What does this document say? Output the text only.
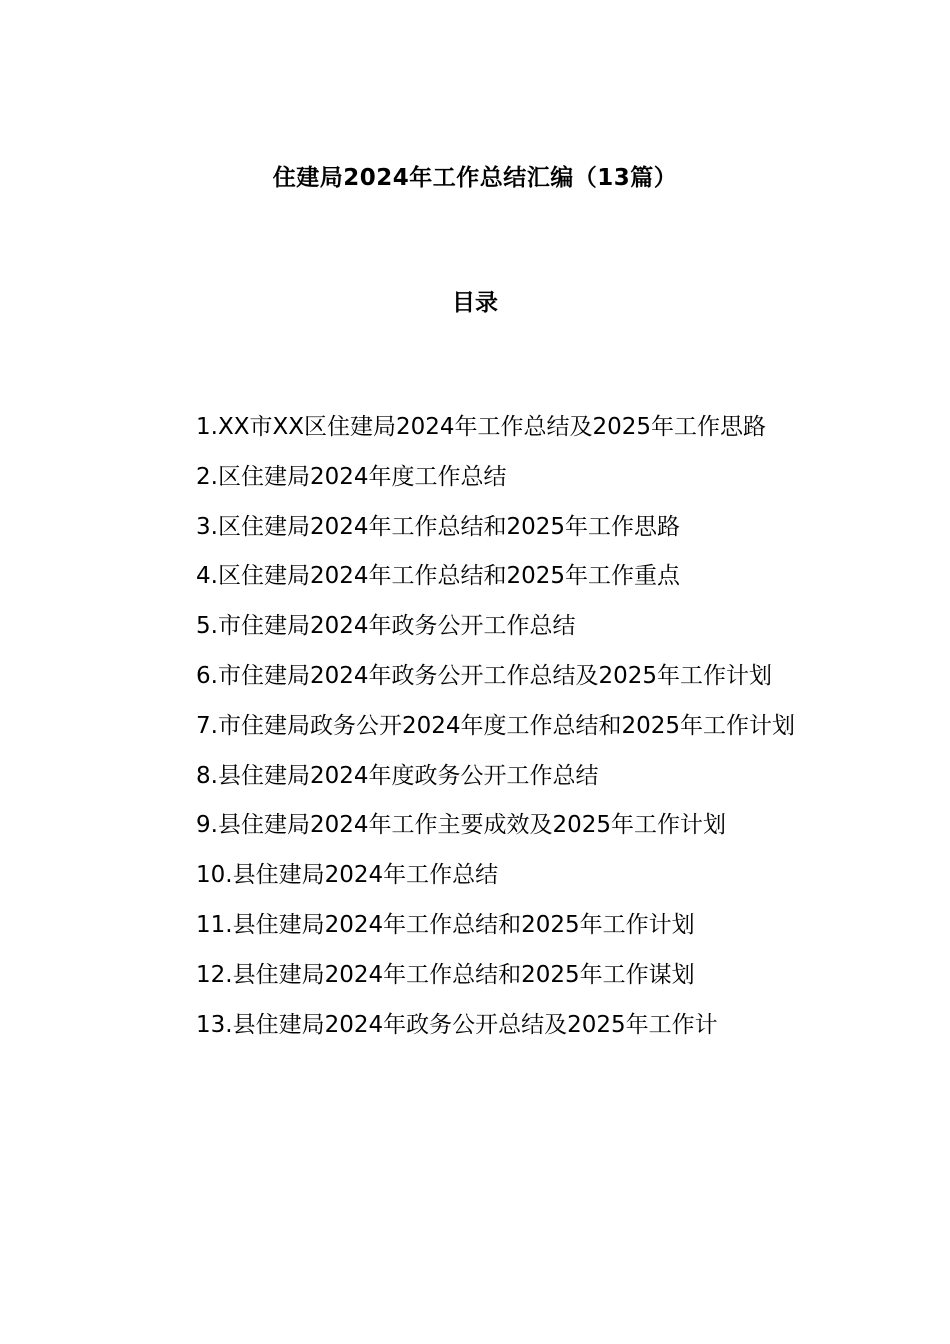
住建局2024年工作总结汇编（13篇）
目录
1.XX市XX区住建局2024年工作总结及2025年工作思路
2.区住建局2024年度工作总结
3.区住建局2024年工作总结和2025年工作思路
4.区住建局2024年工作总结和2025年工作重点
5.市住建局2024年政务公开工作总结
6.市住建局2024年政务公开工作总结及2025年工作计划
7.市住建局政务公开2024年度工作总结和2025年工作计划
8.县住建局2024年度政务公开工作总结
9.县住建局2024年工作主要成效及2025年工作计划
10.县住建局2024年工作总结
11.县住建局2024年工作总结和2025年工作计划
12.县住建局2024年工作总结和2025年工作谋划
13.县住建局2024年政务公开总结及2025年工作计
